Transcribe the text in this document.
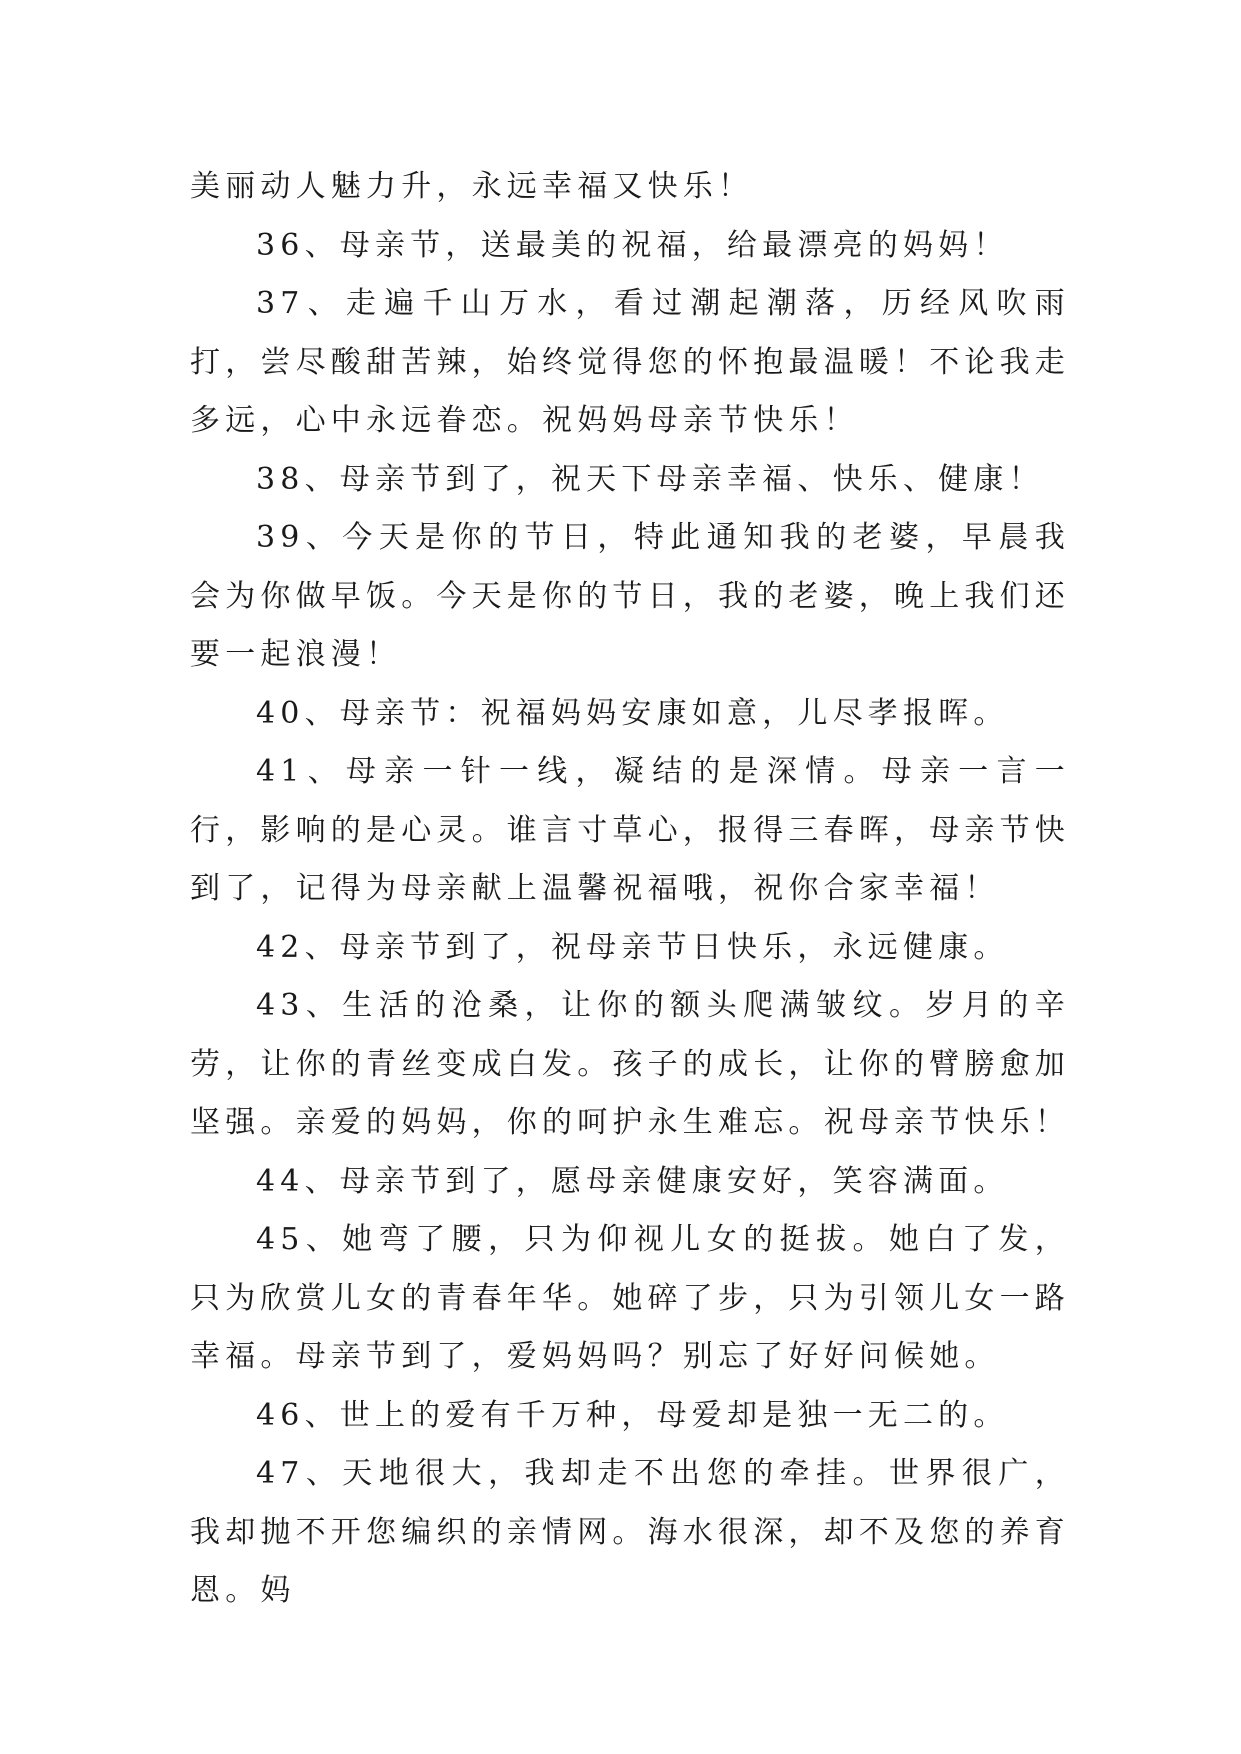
美丽动人魅力升，永远幸福又快乐！

36、母亲节，送最美的祝福，给最漂亮的妈妈！

37、走遍千山万水，看过潮起潮落，历经风吹雨打，尝尽酸甜苦辣，始终觉得您的怀抱最温暖！不论我走多远，心中永远眷恋。祝妈妈母亲节快乐！

38、母亲节到了，祝天下母亲幸福、快乐、健康！

39、今天是你的节日，特此通知我的老婆，早晨我会为你做早饭。今天是你的节日，我的老婆，晚上我们还要一起浪漫！

40、母亲节：祝福妈妈安康如意，儿尽孝报晖。

41、母亲一针一线，凝结的是深情。母亲一言一行，影响的是心灵。谁言寸草心，报得三春晖，母亲节快到了，记得为母亲献上温馨祝福哦，祝你合家幸福！

42、母亲节到了，祝母亲节日快乐，永远健康。

43、生活的沧桑，让你的额头爬满皱纹。岁月的辛劳，让你的青丝变成白发。孩子的成长，让你的臂膀愈加坚强。亲爱的妈妈，你的呵护永生难忘。祝母亲节快乐！

44、母亲节到了，愿母亲健康安好，笑容满面。

45、她弯了腰，只为仰视儿女的挺拔。她白了发，只为欣赏儿女的青春年华。她碎了步，只为引领儿女一路幸福。母亲节到了，爱妈妈吗？别忘了好好问候她。

46、世上的爱有千万种，母爱却是独一无二的。

47、天地很大，我却走不出您的牵挂。世界很广，我却抛不开您编织的亲情网。海水很深，却不及您的养育恩。妈
